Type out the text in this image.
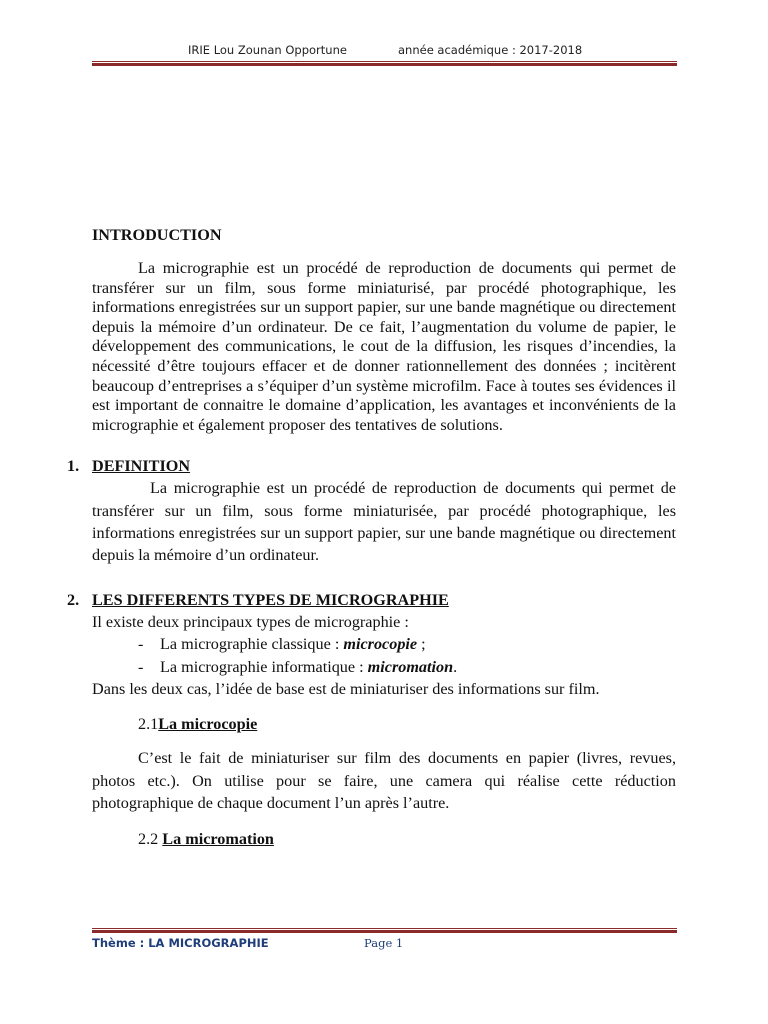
IRIE Lou Zounan Opportune	année académique : 2017-2018

INTRODUCTION

La micrographie est un procédé de reproduction de documents qui permet de transférer sur un film, sous forme miniaturisé, par procédé photographique, les informations enregistrées sur un support papier, sur une bande magnétique ou directement depuis la mémoire d’un ordinateur. De ce fait, l’augmentation du volume de papier, le développement des communications, le cout de la diffusion, les risques d’incendies, la nécessité d’être toujours effacer et de donner rationnellement des données ; incitèrent beaucoup d’entreprises a s’équiper d’un système microfilm. Face à toutes ses évidences il est important de connaitre le domaine d’application, les avantages et inconvénients de la micrographie et également proposer des tentatives de solutions.

1. DEFINITION

La micrographie est un procédé de reproduction de documents qui permet de transférer sur un film, sous forme miniaturisée, par procédé photographique, les informations enregistrées sur un support papier, sur une bande magnétique ou directement depuis la mémoire d’un ordinateur.

2. LES DIFFERENTS TYPES DE MICROGRAPHIE

Il existe deux principaux types de micrographie :

- La micrographie classique : microcopie ;

- La micrographie informatique : micromation.

Dans les deux cas, l’idée de base est de miniaturiser des informations sur film.

2.1La microcopie

C’est le fait de miniaturiser sur film des documents en papier (livres, revues, photos etc.). On utilise pour se faire, une camera qui réalise cette réduction photographique de chaque document l’un après l’autre.

2.2 La micromation

Thème : LA MICROGRAPHIE	Page 1
